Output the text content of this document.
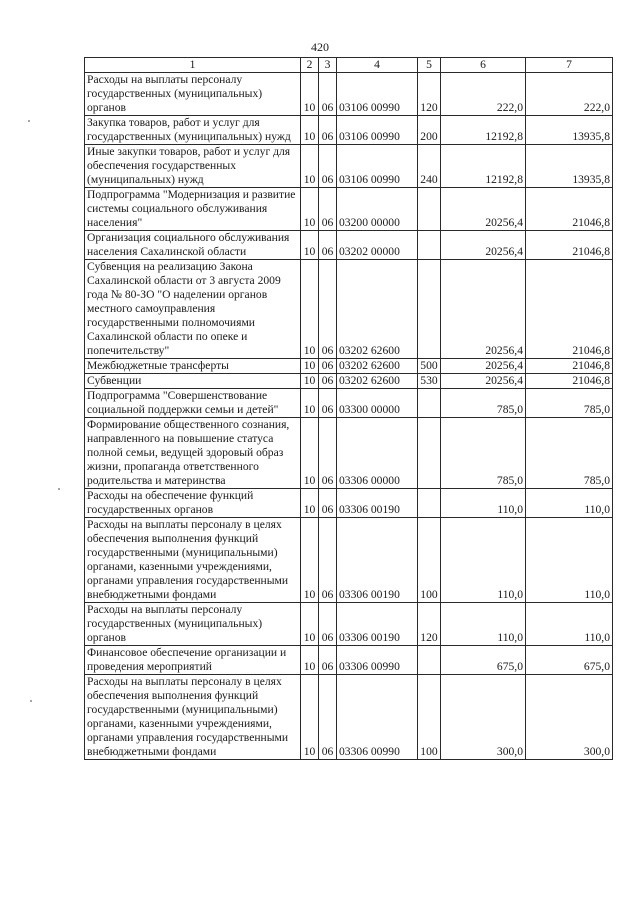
420
1	2	3	4	5	6	7
Расходы на выплаты персоналу государственных (муниципальных) органов	10	06	03106 00990	120	222,0	222,0
Закупка товаров, работ и услуг для государственных (муниципальных) нужд	10	06	03106 00990	200	12192,8	13935,8
Иные закупки товаров, работ и услуг для обеспечения государственных (муниципальных) нужд	10	06	03106 00990	240	12192,8	13935,8
Подпрограмма "Модернизация и развитие системы социального обслуживания населения"	10	06	03200 00000		20256,4	21046,8
Организация социального обслуживания населения Сахалинской области	10	06	03202 00000		20256,4	21046,8
Субвенция на реализацию Закона Сахалинской области от 3 августа 2009 года № 80-ЗО "О наделении органов местного самоуправления государственными полномочиями Сахалинской области по опеке и попечительству"	10	06	03202 62600		20256,4	21046,8
Межбюджетные трансферты	10	06	03202 62600	500	20256,4	21046,8
Субвенции	10	06	03202 62600	530	20256,4	21046,8
Подпрограмма "Совершенствование социальной поддержки семьи и детей"	10	06	03300 00000		785,0	785,0
Формирование общественного сознания, направленного на повышение статуса полной семьи, ведущей здоровый образ жизни, пропаганда ответственного родительства и материнства	10	06	03306 00000		785,0	785,0
Расходы на обеспечение функций государственных органов	10	06	03306 00190		110,0	110,0
Расходы на выплаты персоналу в целях обеспечения выполнения функций государственными (муниципальными) органами, казенными учреждениями, органами управления государственными внебюджетными фондами	10	06	03306 00190	100	110,0	110,0
Расходы на выплаты персоналу государственных (муниципальных) органов	10	06	03306 00190	120	110,0	110,0
Финансовое обеспечение организации и проведения мероприятий	10	06	03306 00990		675,0	675,0
Расходы на выплаты персоналу в целях обеспечения выполнения функций государственными (муниципальными) органами, казенными учреждениями, органами управления государственными внебюджетными фондами	10	06	03306 00990	100	300,0	300,0
